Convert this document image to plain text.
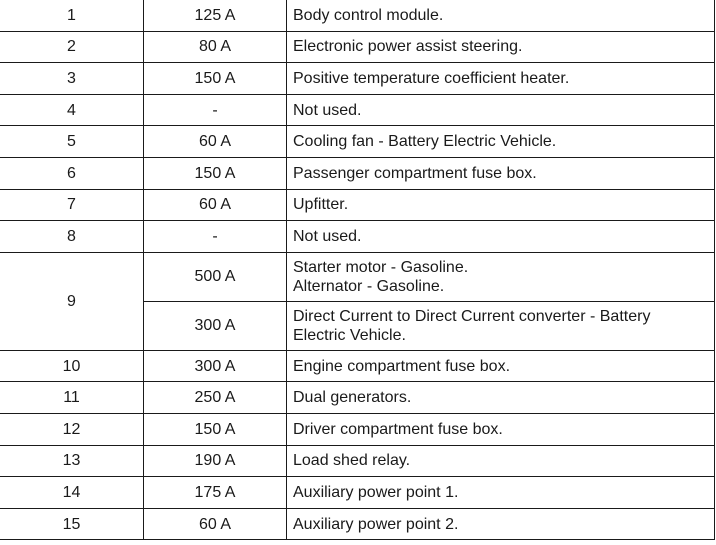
1	125 A	Body control module.

2	80 A	Electronic power assist steering.

3	150 A	Positive temperature coefficient heater.

4	-	Not used.

5	60 A	Cooling fan - Battery Electric Vehicle.

6	150 A	Passenger compartment fuse box.

7	60 A	Upfitter.

8	-	Not used.

9	500 A	Starter motor - Gasoline.
Alternator - Gasoline.

	300 A	Direct Current to Direct Current converter - Battery
Electric Vehicle.

10	300 A	Engine compartment fuse box.

11	250 A	Dual generators.

12	150 A	Driver compartment fuse box.

13	190 A	Load shed relay.

14	175 A	Auxiliary power point 1.

15	60 A	Auxiliary power point 2.
